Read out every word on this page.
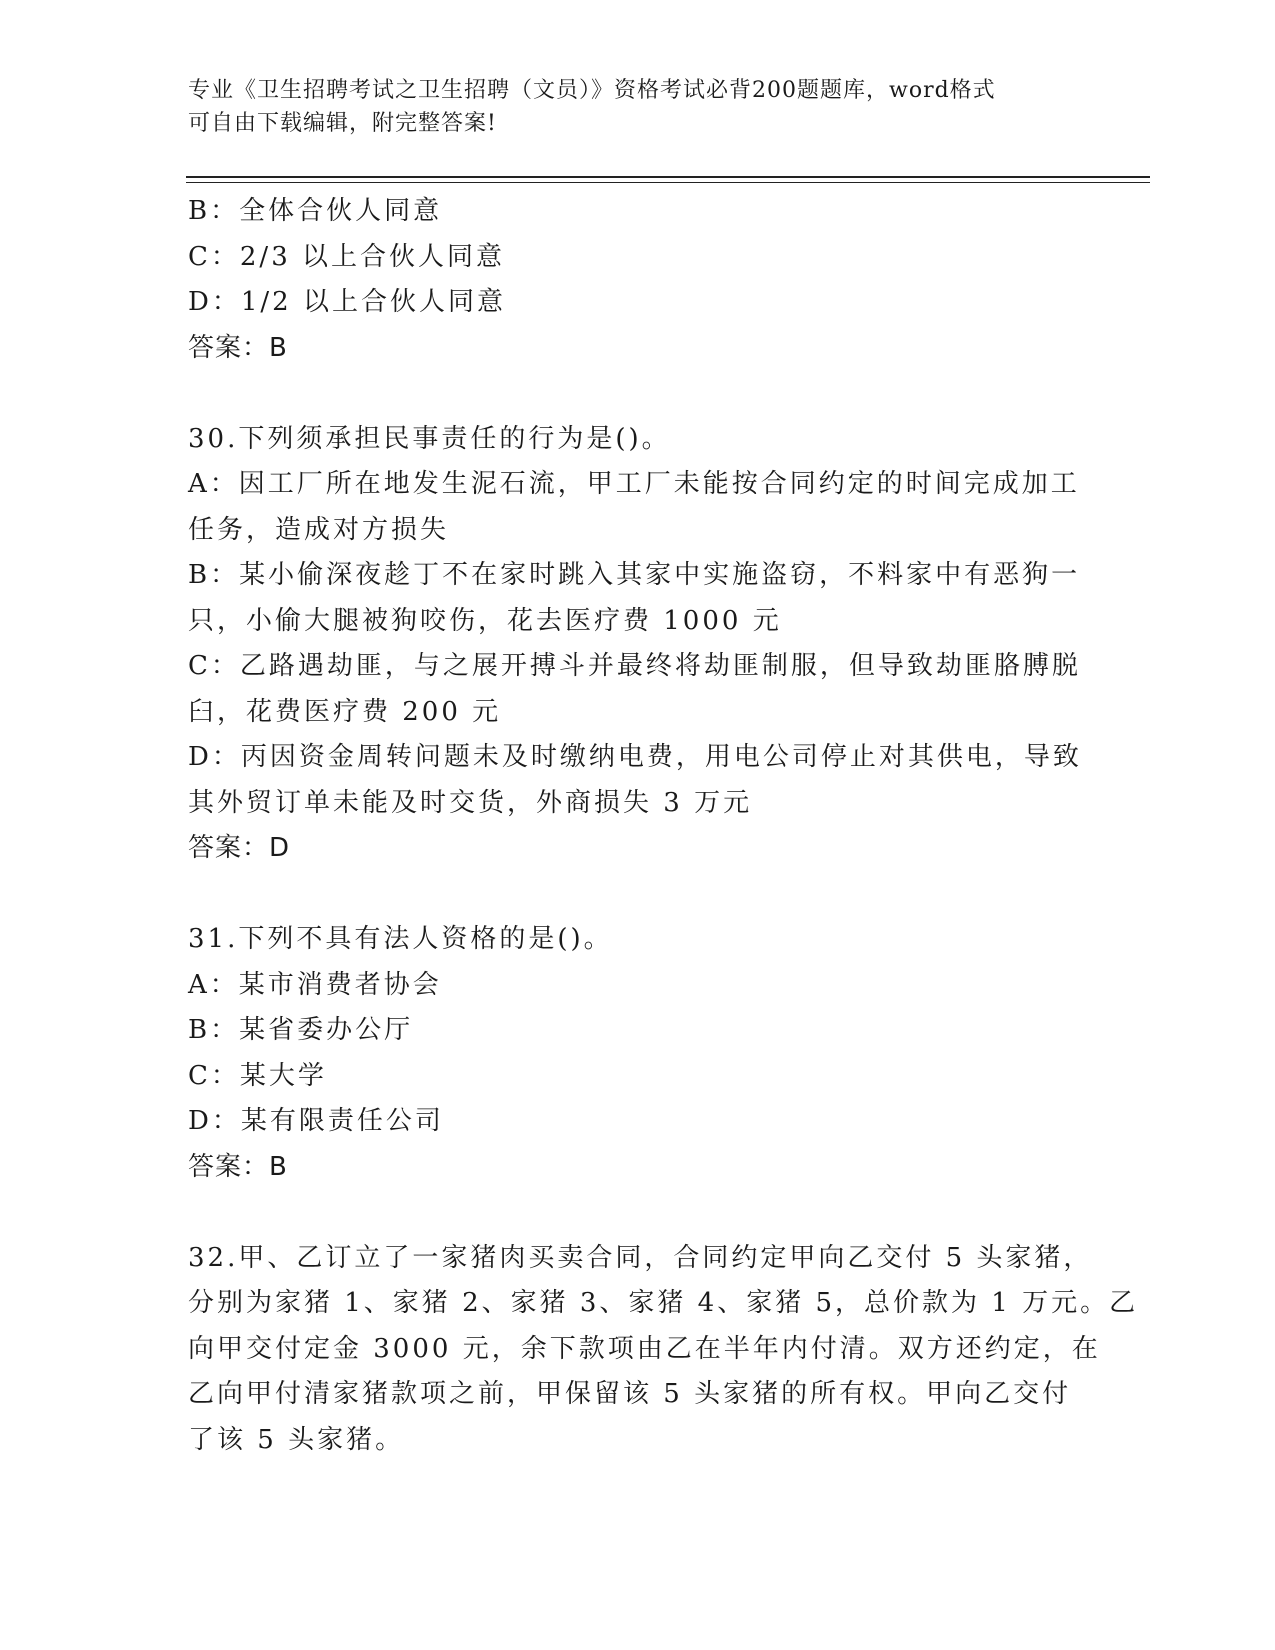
专业《卫生招聘考试之卫生招聘（文员）》资格考试必背200题题库，word格式
可自由下载编辑，附完整答案!
B：全体合伙人同意
C：2/3 以上合伙人同意
D：1/2 以上合伙人同意
答案：B
30.下列须承担民事责任的行为是()。
A：因工厂所在地发生泥石流，甲工厂未能按合同约定的时间完成加工
任务，造成对方损失
B：某小偷深夜趁丁不在家时跳入其家中实施盗窃，不料家中有恶狗一
只，小偷大腿被狗咬伤，花去医疗费 1000 元
C：乙路遇劫匪，与之展开搏斗并最终将劫匪制服，但导致劫匪胳膊脱
臼，花费医疗费 200 元
D：丙因资金周转问题未及时缴纳电费，用电公司停止对其供电，导致
其外贸订单未能及时交货，外商损失 3 万元
答案：D
31.下列不具有法人资格的是()。
A：某市消费者协会
B：某省委办公厅
C：某大学
D：某有限责任公司
答案：B
32.甲、乙订立了一家猪肉买卖合同，合同约定甲向乙交付 5 头家猪，
分别为家猪 1、家猪 2、家猪 3、家猪 4、家猪 5，总价款为 1 万元。乙
向甲交付定金 3000 元，余下款项由乙在半年内付清。双方还约定，在
乙向甲付清家猪款项之前，甲保留该 5 头家猪的所有权。甲向乙交付
了该 5 头家猪。
